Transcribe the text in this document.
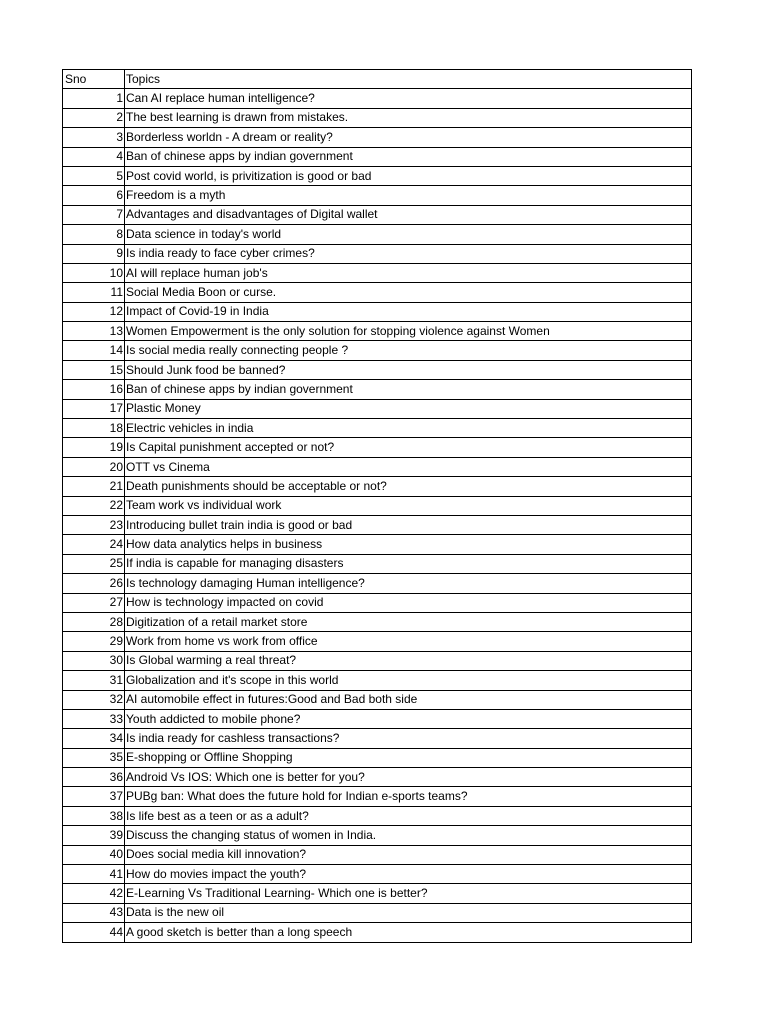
Sno	Topics
1	Can AI replace human intelligence?
2	The best learning is drawn from mistakes.
3	Borderless worldn - A dream or reality?
4	Ban of chinese apps by indian government
5	Post covid world, is privitization is good or bad
6	Freedom is a myth
7	Advantages and disadvantages of Digital wallet
8	Data science in today's world
9	Is india ready to face cyber crimes?
10	AI will replace human job's
11	Social Media Boon or curse.
12	Impact of Covid-19 in India
13	Women Empowerment is the only solution for stopping violence against Women
14	Is social media really connecting people ?
15	Should Junk food be banned?
16	Ban of chinese apps by indian government
17	Plastic Money
18	Electric vehicles in india
19	Is Capital punishment accepted or not?
20	OTT vs Cinema
21	Death punishments should be acceptable or not?
22	Team work vs individual work
23	Introducing bullet train india is good or bad
24	How data analytics helps in business
25	If india is capable for managing disasters
26	Is technology damaging Human intelligence?
27	How is technology impacted on covid
28	Digitization of a retail market store
29	Work from home vs work from office
30	Is Global warming a real threat?
31	Globalization and it's scope in this world
32	AI automobile effect in futures:Good and Bad both side
33	Youth addicted to mobile phone?
34	Is india ready for cashless transactions?
35	E-shopping or Offline Shopping
36	Android Vs IOS: Which one is better for you?
37	PUBg ban: What does the future hold for Indian e-sports teams?
38	Is life best as a teen or as a adult?
39	Discuss the changing status of women in India.
40	Does social media kill innovation?
41	How do movies impact the youth?
42	E-Learning Vs Traditional Learning- Which one is better?
43	Data is the new oil
44	A good sketch is better than a long speech
